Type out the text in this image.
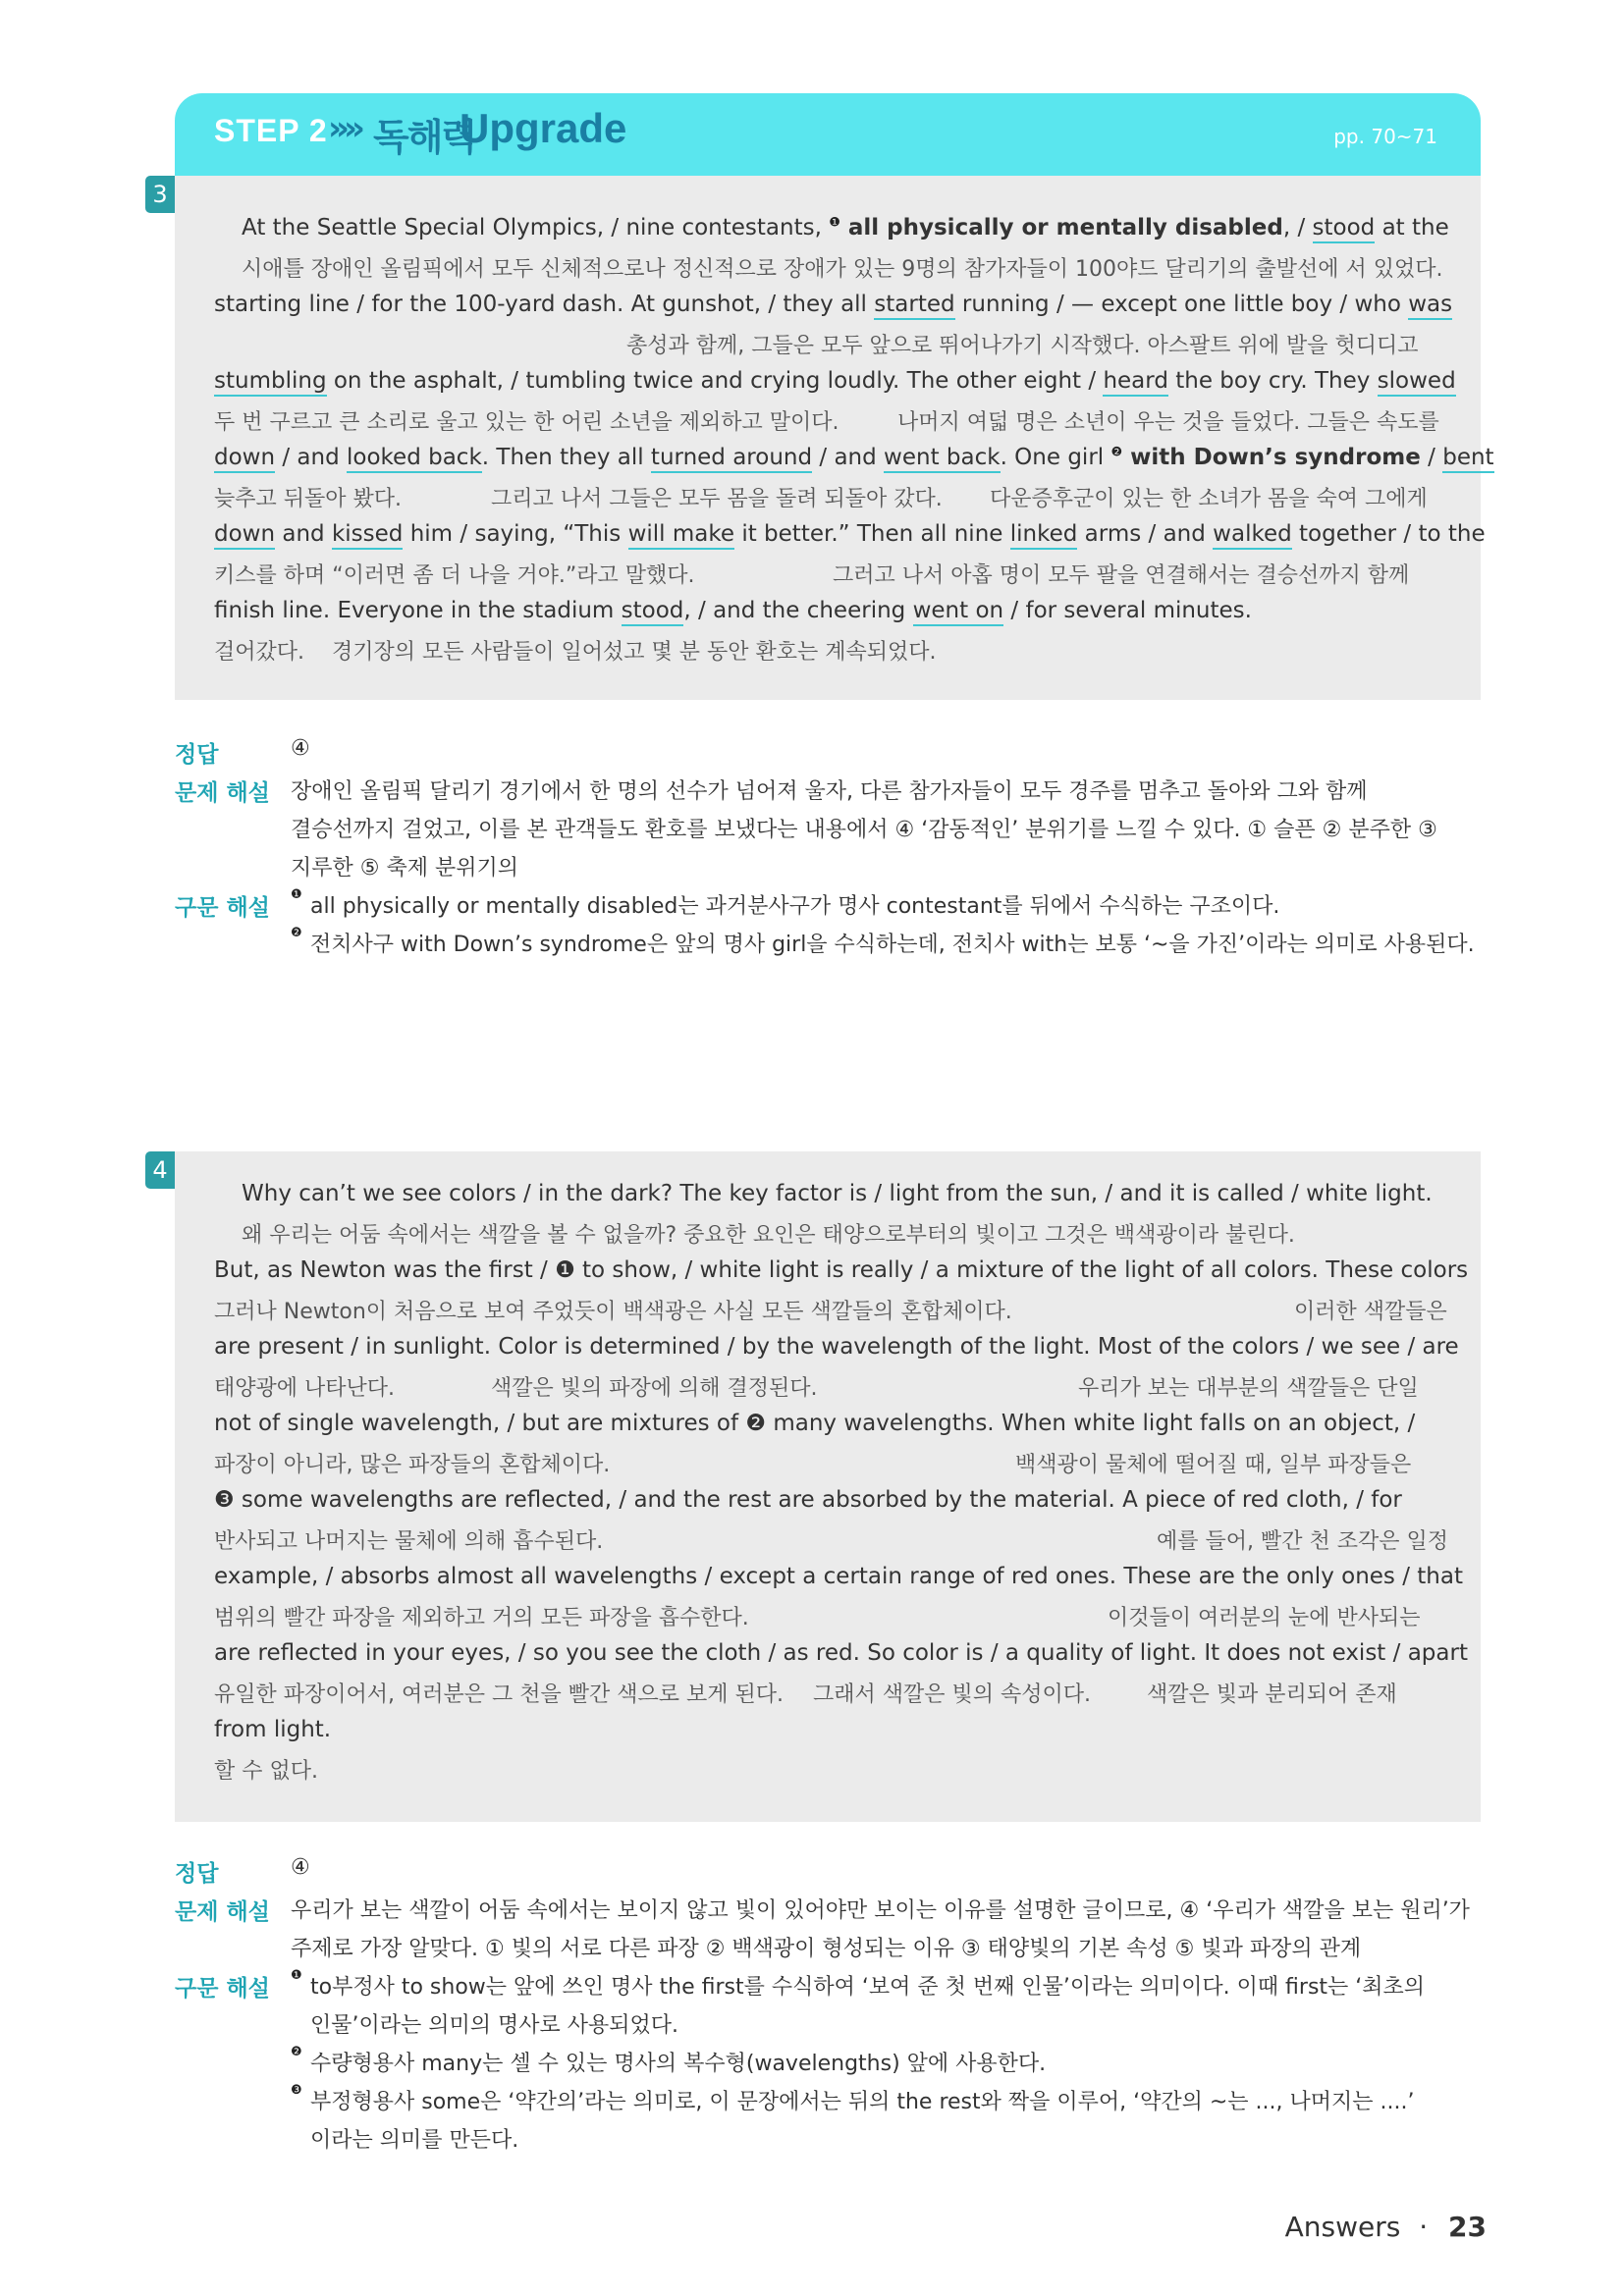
STEP 2 »» 독해력
Upgrade	pp. 70~71
3
At the Seattle Special Olympics, / nine contestants, $^❶$ all physically or mentally disabled, / stood at the
시애틀 장애인 올림픽에서 모두 신체적으로나 정신적으로 장애가 있는 9명의 참가자들이 100야드 달리기의 출발선에 서 있었다.
starting line / for the 100-yard dash. At gunshot, / they all started running / — except one little boy / who was
총성과 함께, 그들은 모두 앞으로 뛰어나가기 시작했다. 아스팔트 위에 발을 헛디디고
stumbling on the asphalt, / tumbling twice and crying loudly. The other eight / heard the boy cry. They slowed
두 번 구르고 큰 소리로 울고 있는 한 어린 소년을 제외하고 말이다.	나머지 여덟 명은 소년이 우는 것을 들었다. 그들은 속도를
down / and looked back. Then they all turned around / and went back. One girl $^❷$ with Down’s syndrome / bent
늦추고 뒤돌아 봤다.	그리고 나서 그들은 모두 몸을 돌려 되돌아 갔다. 다운증후군이 있는 한 소녀가 몸을 숙여 그에게
down and kissed him / saying, “This will make it better.” Then all nine linked arms / and walked together / to the
키스를 하며 “이러면 좀 더 나을 거야.”라고 말했다.	그러고 나서 아홉 명이 모두 팔을 연결해서는 결승선까지 함께
finish line. Everyone in the stadium stood, / and the cheering went on / for several minutes.
걸어갔다. 경기장의 모든 사람들이 일어섰고 몇 분 동안 환호는 계속되었다.
정답	④
문제 해설 장애인 올림픽 달리기 경기에서 한 명의 선수가 넘어져 울자, 다른 참가자들이 모두 경주를 멈추고 돌아와 그와 함께
결승선까지 걸었고, 이를 본 관객들도 환호를 보냈다는 내용에서 ④ ‘감동적인’ 분위기를 느낄 수 있다. ① 슬픈 ② 분주한 ③
지루한 ⑤ 축제 분위기의
구문 해설
❶ all physically or mentally disabled는 과거분사구가 명사 contestant를 뒤에서 수식하는 구조이다.
❷ 전치사구 with Down’s syndrome은 앞의 명사 girl을 수식하는데, 전치사 with는 보통 ‘~을 가진’이라는 의미로 사용된다.
4
Why can’t we see colors / in the dark? The key factor is / light from the sun, / and it is called / white light.
왜 우리는 어둠 속에서는 색깔을 볼 수 없을까? 중요한 요인은 태양으로부터의 빛이고 그것은 백색광이라 불린다.
But, as Newton was the first / ❶ to show, / white light is really / a mixture of the light of all colors. These colors
그러나 Newton이 처음으로 보여 주었듯이 백색광은 사실 모든 색깔들의 혼합체이다.	이러한 색깔들은
are present / in sunlight. Color is determined / by the wavelength of the light. Most of the colors / we see / are
태양광에 나타난다.	색깔은 빛의 파장에 의해 결정된다.	우리가 보는 대부분의 색깔들은 단일
not of single wavelength, / but are mixtures of ❷ many wavelengths. When white light falls on an object, /
파장이 아니라, 많은 파장들의 혼합체이다.	백색광이 물체에 떨어질 때, 일부 파장들은
❸ some wavelengths are reflected, / and the rest are absorbed by the material. A piece of red cloth, / for
반사되고 나머지는 물체에 의해 흡수된다.	예를 들어, 빨간 천 조각은 일정
example, / absorbs almost all wavelengths / except a certain range of red ones. These are the only ones / that
범위의 빨간 파장을 제외하고 거의 모든 파장을 흡수한다.	이것들이 여러분의 눈에 반사되는
are reflected in your eyes, / so you see the cloth / as red. So color is / a quality of light. It does not exist / apart
유일한 파장이어서, 여러분은 그 천을 빨간 색으로 보게 된다. 그래서 색깔은 빛의 속성이다.	색깔은 빛과 분리되어 존재
from light.
할 수 없다.
정답	④
문제 해설 우리가 보는 색깔이 어둠 속에서는 보이지 않고 빛이 있어야만 보이는 이유를 설명한 글이므로, ④ ‘우리가 색깔을 보는 원리’가
주제로 가장 알맞다. ① 빛의 서로 다른 파장 ② 백색광이 형성되는 이유 ③ 태양빛의 기본 속성 ⑤ 빛과 파장의 관계
구문 해설
❶ to부정사 to show는 앞에 쓰인 명사 the first를 수식하여 ‘보여 준 첫 번째 인물’이라는 의미이다. 이때 first는 ‘최초의
인물’이라는 의미의 명사로 사용되었다.
❷ 수량형용사 many는 셀 수 있는 명사의 복수형(wavelengths) 앞에 사용한다.
❸ 부정형용사 some은 ‘약간의’라는 의미로, 이 문장에서는 뒤의 the rest와 짝을 이루어, ‘약간의 ~는 ..., 나머지는 ....’
이라는 의미를 만든다.
Answers · 23
